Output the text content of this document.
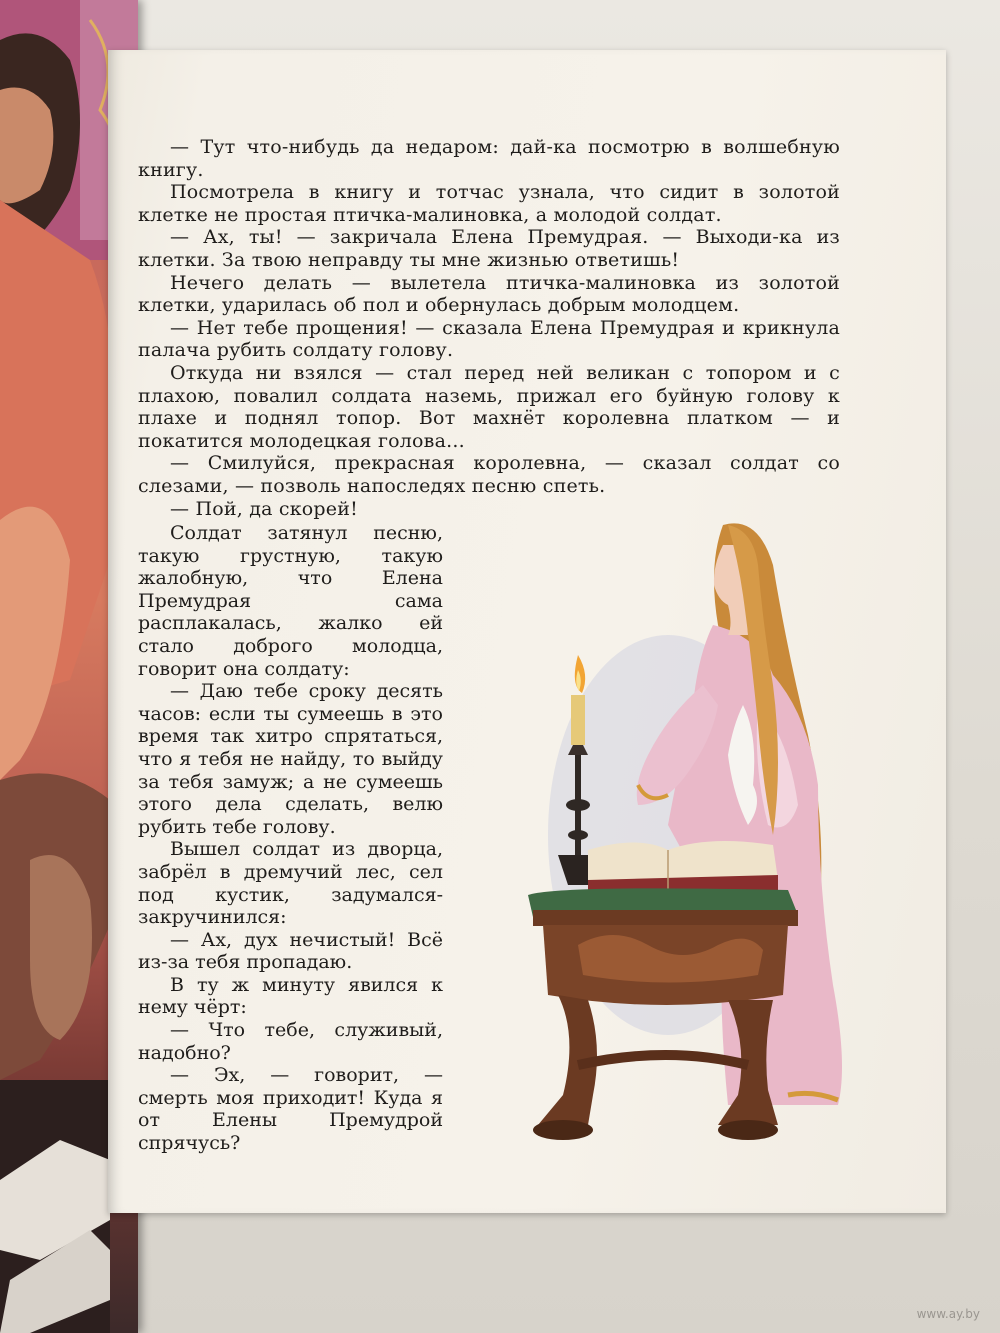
— Тут что-нибудь да недаром: дай-ка посмотрю в волшебную книгу.

Посмотрела в книгу и тотчас узнала, что сидит в золотой клетке не простая птичка-малиновка, а молодой солдат.

— Ах, ты! — закричала Елена Премудрая. — Выходи-ка из клетки. За твою неправду ты мне жизнью ответишь!

Нечего делать — вылетела птичка-малиновка из золотой клетки, ударилась об пол и обернулась добрым молодцем.

— Нет тебе прощения! — сказала Елена Премудрая и крикнула палача рубить солдату голову.

Откуда ни взялся — стал перед ней великан с топором и с плахою, повалил солдата наземь, прижал его буйную голову к плахе и поднял топор. Вот махнёт королевна платком — и покатится молодецкая голова...

— Смилуйся, прекрасная королевна, — сказал солдат со слезами, — позволь напоследях песню спеть.

— Пой, да скорей!

Солдат затянул песню, такую грустную, такую жалобную, что Елена Премудрая сама расплакалась, жалко ей стало доброго молодца, говорит она солдату:

— Даю тебе сроку десять часов: если ты сумеешь в это время так хитро спрятаться, что я тебя не найду, то выйду за тебя замуж; а не сумеешь этого дела сделать, велю рубить тебе голову.

Вышел солдат из дворца, забрёл в дремучий лес, сел под кустик, задумался-закручинился:

— Ах, дух нечистый! Всё из-за тебя пропадаю.

В ту ж минуту явился к нему чёрт:

— Что тебе, служивый, надобно?

— Эх, — говорит, — смерть моя приходит! Куда я от Елены Премудрой спрячусь?

www.ay.by
